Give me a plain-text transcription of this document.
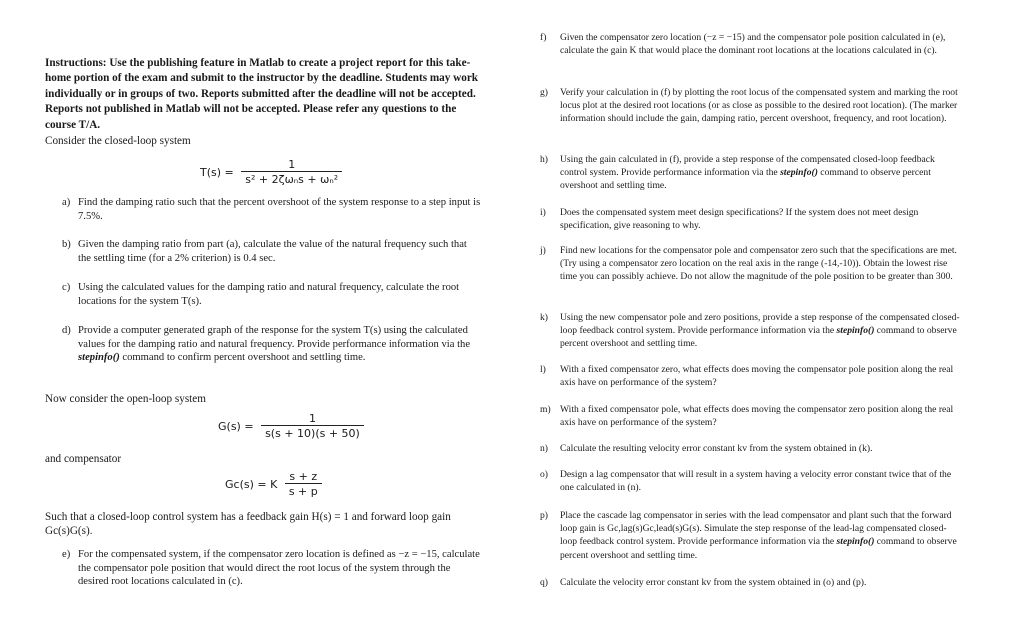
Instructions: Use the publishing feature in Matlab to create a project report for this take-home portion of the exam and submit to the instructor by the deadline. Students may work individually or in groups of two. Reports submitted after the deadline will not be accepted. Reports not published in Matlab will not be accepted. Please refer any questions to the course T/A.
Consider the closed-loop system
$T(s) = \frac{1}{\text{s² + 2ζωₙs + ωₙ²}}$
a) Find the damping ratio such that the percent overshoot of the system response to a step input is 7.5%.
b) Given the damping ratio from part (a), calculate the value of the natural frequency such that the settling time (for a 2% criterion) is 0.4 sec.
c) Using the calculated values for the damping ratio and natural frequency, calculate the root locations for the system T(s).
d) Provide a computer generated graph of the response for the system T(s) using the calculated values for the damping ratio and natural frequency. Provide performance information via the stepinfo() command to confirm percent overshoot and settling time.
Now consider the open-loop system
$G(s) = \frac{1}{s(s + 10)(s + 50)}$
and compensator
Gc(s) = K $\frac{s + z}{s + p}$
Such that a closed-loop control system has a feedback gain H(s) = 1 and forward loop gain Gc(s)G(s).
e) For the compensated system, if the compensator zero location is defined as −z = −15, calculate the compensator pole position that would direct the root locus of the system through the desired root locations calculated in (c).
f) Given the compensator zero location (−z = −15) and the compensator pole position calculated in (e), calculate the gain K that would place the dominant root locations at the locations calculated in (c).
g) Verify your calculation in (f) by plotting the root locus of the compensated system and marking the root locus plot at the desired root locations (or as close as possible to the desired root location). (The marker information should include the gain, damping ratio, percent overshoot, frequency, and root location).
h) Using the gain calculated in (f), provide a step response of the compensated closed-loop feedback control system. Provide performance information via the stepinfo() command to observe percent overshoot and settling time.
i) Does the compensated system meet design specifications? If the system does not meet design specification, give reasoning to why.
j) Find new locations for the compensator pole and compensator zero such that the specifications are met. (Try using a compensator zero location on the real axis in the range (-14,-10)). Obtain the lowest rise time you can possibly achieve. Do not allow the magnitude of the pole position to be greater than 300.
k) Using the new compensator pole and zero positions, provide a step response of the compensated closed-loop feedback control system. Provide performance information via the stepinfo() command to observe percent overshoot and settling time.
l) With a fixed compensator zero, what effects does moving the compensator pole position along the real axis have on performance of the system?
m) With a fixed compensator pole, what effects does moving the compensator zero position along the real axis have on performance of the system?
n) Calculate the resulting velocity error constant kv from the system obtained in (k).
o) Design a lag compensator that will result in a system having a velocity error constant twice that of the one calculated in (n).
p) Place the cascade lag compensator in series with the lead compensator and plant such that the forward loop gain is Gc,lag(s)Gc,lead(s)G(s). Simulate the step response of the lead-lag compensated closed-loop feedback control system. Provide performance information via the stepinfo() command to observe percent overshoot and settling time.
q) Calculate the velocity error constant kv from the system obtained in (o) and (p).
